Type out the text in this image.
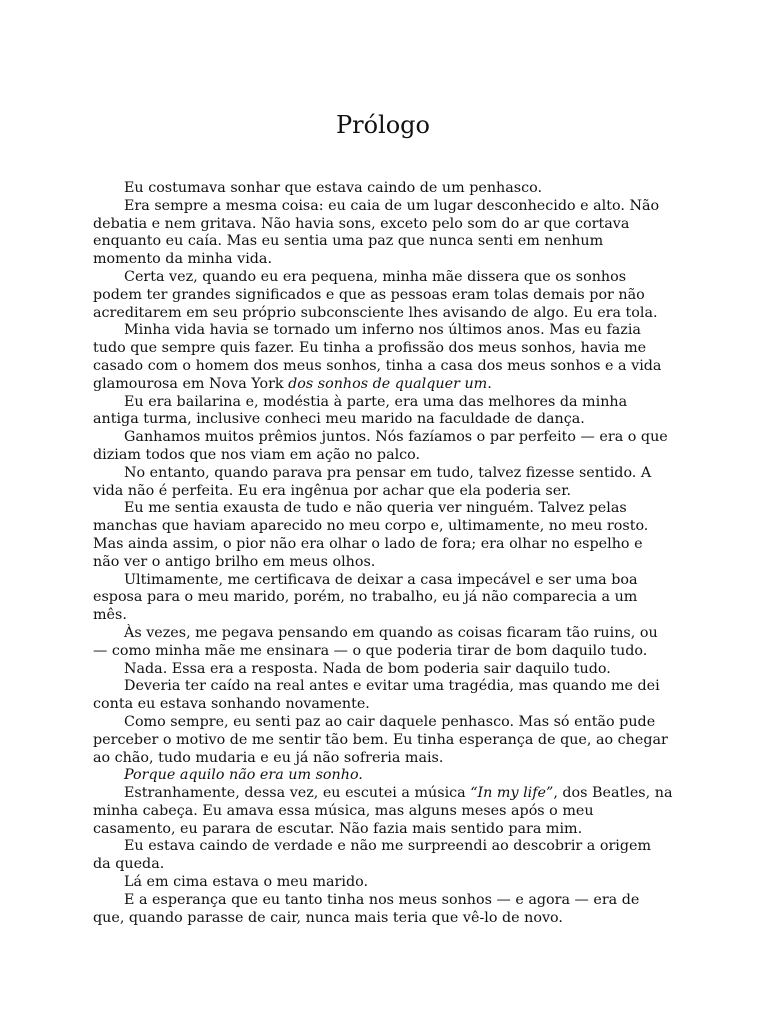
Prólogo

Eu costumava sonhar que estava caindo de um penhasco.

Era sempre a mesma coisa: eu caia de um lugar desconhecido e alto. Não debatia e nem gritava. Não havia sons, exceto pelo som do ar que cortava enquanto eu caía. Mas eu sentia uma paz que nunca senti em nenhum momento da minha vida.

Certa vez, quando eu era pequena, minha mãe dissera que os sonhos podem ter grandes significados e que as pessoas eram tolas demais por não acreditarem em seu próprio subconsciente lhes avisando de algo. Eu era tola.

Minha vida havia se tornado um inferno nos últimos anos. Mas eu fazia tudo que sempre quis fazer. Eu tinha a profissão dos meus sonhos, havia me casado com o homem dos meus sonhos, tinha a casa dos meus sonhos e a vida glamourosa em Nova York dos sonhos de qualquer um.

Eu era bailarina e, modéstia à parte, era uma das melhores da minha antiga turma, inclusive conheci meu marido na faculdade de dança.

Ganhamos muitos prêmios juntos. Nós fazíamos o par perfeito — era o que diziam todos que nos viam em ação no palco.

No entanto, quando parava pra pensar em tudo, talvez fizesse sentido. A vida não é perfeita. Eu era ingênua por achar que ela poderia ser.

Eu me sentia exausta de tudo e não queria ver ninguém. Talvez pelas manchas que haviam aparecido no meu corpo e, ultimamente, no meu rosto. Mas ainda assim, o pior não era olhar o lado de fora; era olhar no espelho e não ver o antigo brilho em meus olhos.

Ultimamente, me certificava de deixar a casa impecável e ser uma boa esposa para o meu marido, porém, no trabalho, eu já não comparecia a um mês.

Às vezes, me pegava pensando em quando as coisas ficaram tão ruins, ou — como minha mãe me ensinara — o que poderia tirar de bom daquilo tudo.

Nada. Essa era a resposta. Nada de bom poderia sair daquilo tudo.

Deveria ter caído na real antes e evitar uma tragédia, mas quando me dei conta eu estava sonhando novamente.

Como sempre, eu senti paz ao cair daquele penhasco. Mas só então pude perceber o motivo de me sentir tão bem. Eu tinha esperança de que, ao chegar ao chão, tudo mudaria e eu já não sofreria mais.

Porque aquilo não era um sonho.

Estranhamente, dessa vez, eu escutei a música “In my life”, dos Beatles, na minha cabeça. Eu amava essa música, mas alguns meses após o meu casamento, eu parara de escutar. Não fazia mais sentido para mim.

Eu estava caindo de verdade e não me surpreendi ao descobrir a origem da queda.

Lá em cima estava o meu marido.

E a esperança que eu tanto tinha nos meus sonhos — e agora — era de que, quando parasse de cair, nunca mais teria que vê-lo de novo.
